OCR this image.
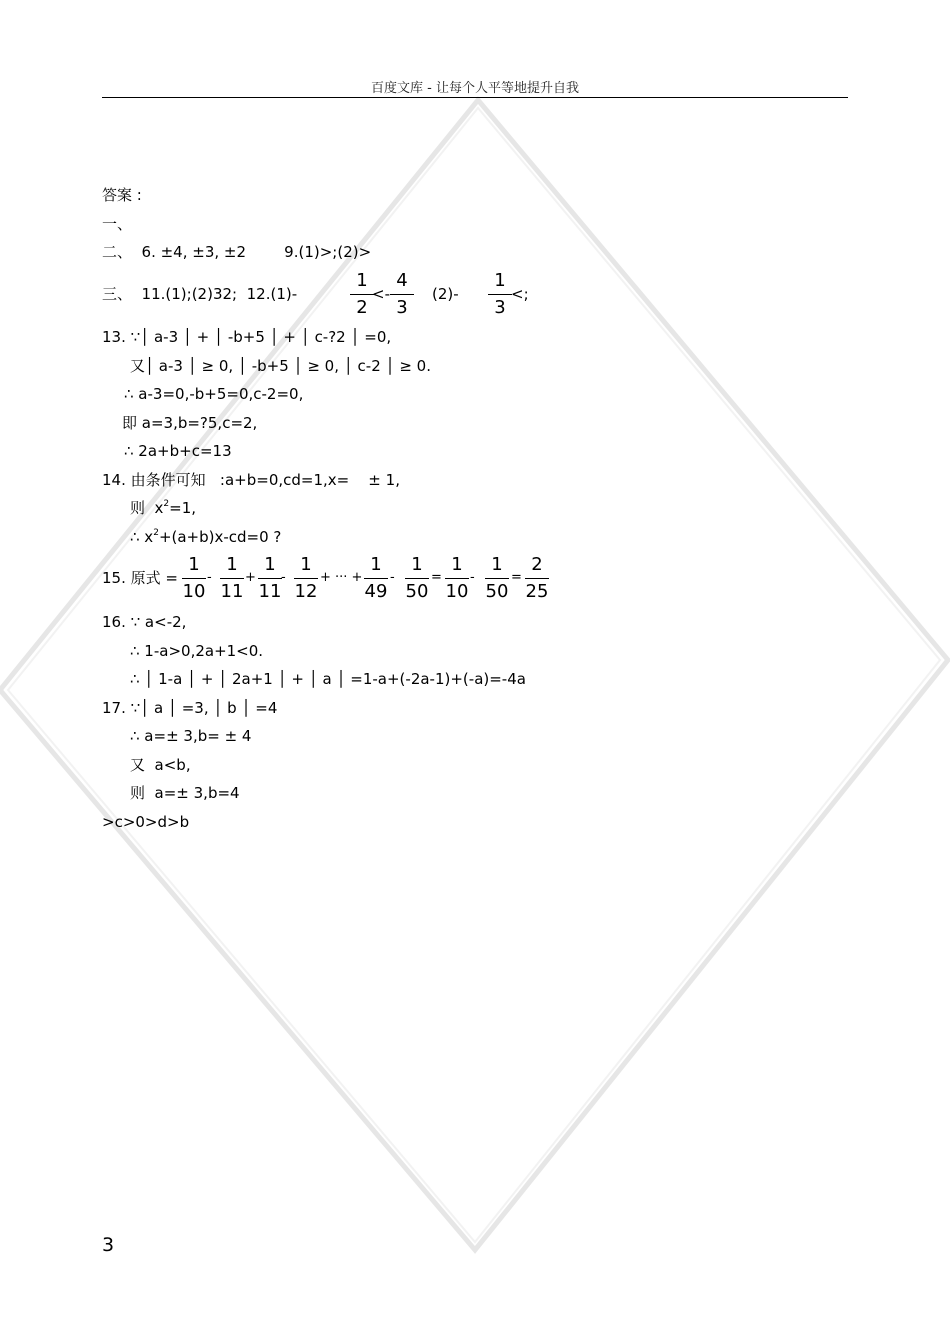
百度文库 - 让每个人平等地提升自我
答案 :
一、
二、  6. ±4, ±3, ±2        9.(1)>;(2)>
三、  11.(1);(2)32;  12.(1)-
1
2
<-
4
3
(2)-
1
3
<;
13. ∵│ a-3 │ + │ -b+5 │ + │ c-?2 │ =0,
又│ a-3 │ ≥ 0, │ -b+5 │ ≥ 0, │ c-2 │ ≥ 0.
∴ a-3=0,-b+5=0,c-2=0,
即 a=3,b=?5,c=2,
∴ 2a+b+c=13
14. 由条件可知   :a+b=0,cd=1,x=    ± 1,
则  $x^2=1$,
∴ $x^2+(a+b)x-cd=0$ ?
15. 原式 =
1
10
1
11
1
11
1
12
1
49
1
50
1
10
1
50
2
25
-	+ -	+ ··· + -	= -	=
16. ∵ a<-2,
∴ 1-a>0,2a+1<0.
∴ │ 1-a │ + │ 2a+1 │ + │ a │ =1-a+(-2a-1)+(-a)=-4a
17. ∵│ a │ =3, │ b │ =4
∴ a=± 3,b= ± 4
又  a<b,
则  a=± 3,b=4
>c>0>d>b
3
